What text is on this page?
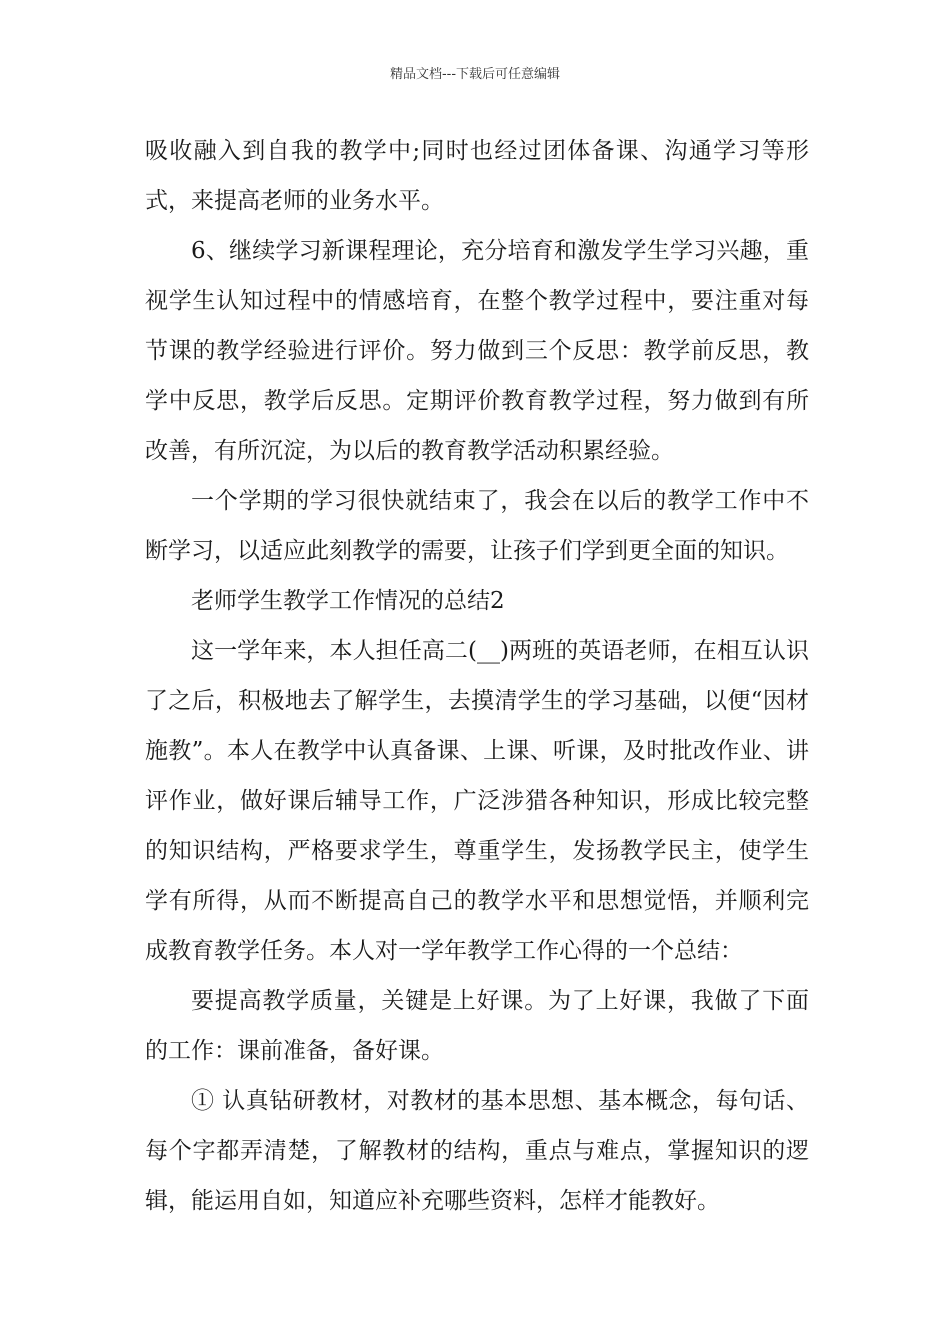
精品文档---下载后可任意编辑

吸收融入到自我的教学中;同时也经过团体备课、沟通学习等形式，来提高老师的业务水平。

6、继续学习新课程理论，充分培育和激发学生学习兴趣，重视学生认知过程中的情感培育，在整个教学过程中，要注重对每节课的教学经验进行评价。努力做到三个反思：教学前反思，教学中反思，教学后反思。定期评价教育教学过程，努力做到有所改善，有所沉淀，为以后的教育教学活动积累经验。

一个学期的学习很快就结束了，我会在以后的教学工作中不断学习，以适应此刻教学的需要，让孩子们学到更全面的知识。

老师学生教学工作情况的总结2

这一学年来，本人担任高二(__)两班的英语老师，在相互认识了之后，积极地去了解学生，去摸清学生的学习基础，以便“因材施教”。本人在教学中认真备课、上课、听课，及时批改作业、讲评作业，做好课后辅导工作，广泛涉猎各种知识，形成比较完整的知识结构，严格要求学生，尊重学生，发扬教学民主，使学生学有所得，从而不断提高自己的教学水平和思想觉悟，并顺利完成教育教学任务。本人对一学年教学工作心得的一个总结：

要提高教学质量，关键是上好课。为了上好课，我做了下面的工作：课前准备，备好课。

① 认真钻研教材，对教材的基本思想、基本概念，每句话、每个字都弄清楚，了解教材的结构，重点与难点，掌握知识的逻辑，能运用自如，知道应补充哪些资料，怎样才能教好。
